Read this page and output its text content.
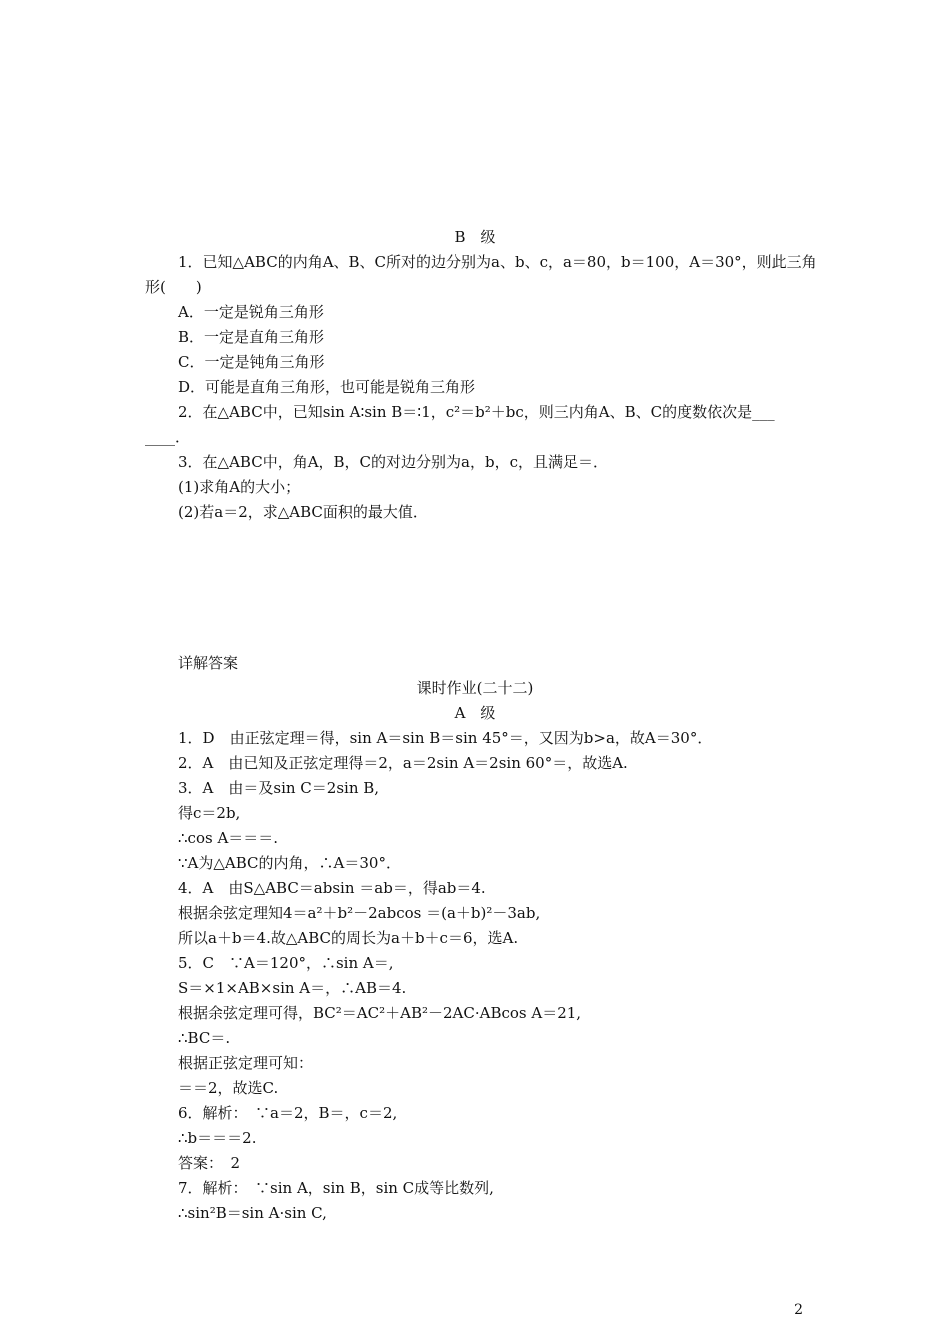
B　级
1．已知△ABC的内角A、B、C所对的边分别为a、b、c，a＝80，b＝100，A＝30°，则此三角
形(　　)
A．一定是锐角三角形
B．一定是直角三角形
C．一定是钝角三角形
D．可能是直角三角形，也可能是锐角三角形
2．在△ABC中，已知sin A∶sin B＝∶1，c²＝b²＋bc，则三内角A、B、C的度数依次是___
____．
3．在△ABC中，角A，B，C的对边分别为a，b，c，且满足＝．
(1)求角A的大小；
(2)若a＝2，求△ABC面积的最大值．
详解答案
课时作业(二十二)
A　级
1．D　由正弦定理＝得，sin A＝sin B＝sin 45°＝，又因为b>a，故A＝30°．
2．A　由已知及正弦定理得＝2，a＝2sin A＝2sin 60°＝，故选A.
3．A　由＝及sin C＝2sin B,
得c＝2b,
∴cos A＝＝＝.
∵A为△ABC的内角，∴A＝30°．
4．A　由S△ABC＝absin ＝ab＝，得ab＝4.
根据余弦定理知4＝a²＋b²－2abcos ＝(a＋b)²－3ab,
所以a＋b＝4.故△ABC的周长为a＋b＋c＝6，选A.
5．C　∵A＝120°，∴sin A＝,
S＝×1×AB×sin A＝，∴AB＝4.
根据余弦定理可得，BC²＝AC²＋AB²－2AC·ABcos A＝21,
∴BC＝.
根据正弦定理可知：
＝＝2，故选C.
6．解析：　∵a＝2，B＝，c＝2,
∴b＝＝＝2.
答案：　2
7．解析：　∵sin A，sin B，sin C成等比数列,
∴sin²B＝sin A·sin C,
2
